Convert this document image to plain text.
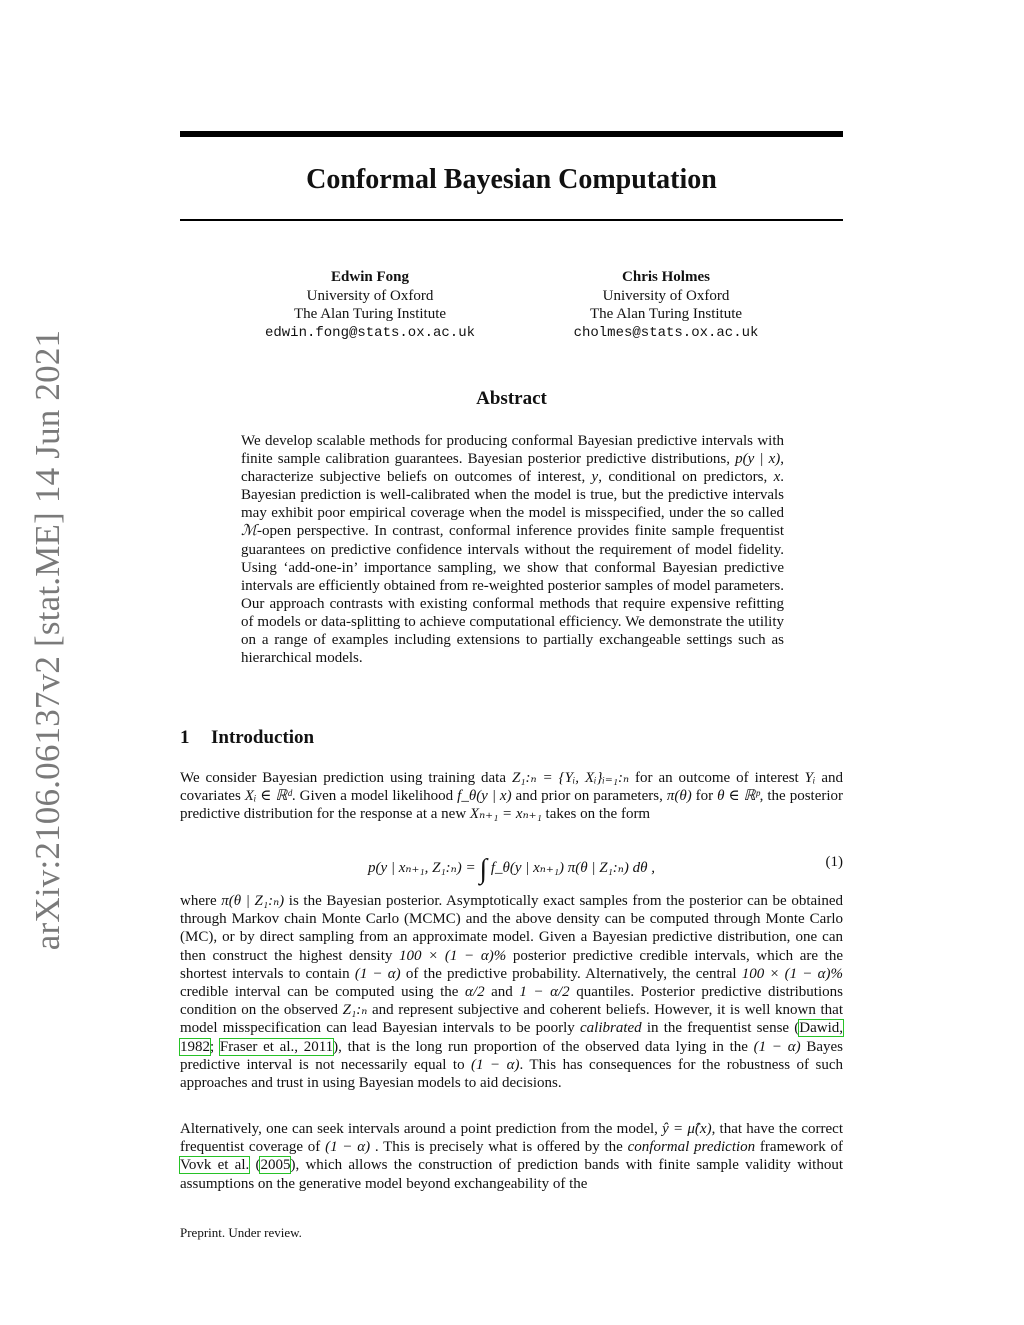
arXiv:2106.06137v2 [stat.ME] 14 Jun 2021
Conformal Bayesian Computation
Edwin Fong
University of Oxford
The Alan Turing Institute
edwin.fong@stats.ox.ac.uk
Chris Holmes
University of Oxford
The Alan Turing Institute
cholmes@stats.ox.ac.uk
Abstract
We develop scalable methods for producing conformal Bayesian predictive intervals with finite sample calibration guarantees. Bayesian posterior predictive distributions, p(y | x), characterize subjective beliefs on outcomes of interest, y, conditional on predictors, x. Bayesian prediction is well-calibrated when the model is true, but the predictive intervals may exhibit poor empirical coverage when the model is misspecified, under the so called ℳ-open perspective. In contrast, conformal inference provides finite sample frequentist guarantees on predictive confidence intervals without the requirement of model fidelity. Using ‘add-one-in’ importance sampling, we show that conformal Bayesian predictive intervals are efficiently obtained from re-weighted posterior samples of model parameters. Our approach contrasts with existing conformal methods that require expensive refitting of models or data-splitting to achieve computational efficiency. We demonstrate the utility on a range of examples including extensions to partially exchangeable settings such as hierarchical models.
1 Introduction
We consider Bayesian prediction using training data Z₁:ₙ = {Yᵢ, Xᵢ}ᵢ₌₁:ₙ for an outcome of interest Yᵢ and covariates Xᵢ ∈ ℝᵈ. Given a model likelihood f_θ(y | x) and prior on parameters, π(θ) for θ ∈ ℝᵖ, the posterior predictive distribution for the response at a new Xₙ₊₁ = xₙ₊₁ takes on the form
p(y | xₙ₊₁, Z₁:ₙ) = ∫ f_θ(y | xₙ₊₁) π(θ | Z₁:ₙ) dθ ,	(1)
where π(θ | Z₁:ₙ) is the Bayesian posterior. Asymptotically exact samples from the posterior can be obtained through Markov chain Monte Carlo (MCMC) and the above density can be computed through Monte Carlo (MC), or by direct sampling from an approximate model. Given a Bayesian predictive distribution, one can then construct the highest density 100 × (1 − α)% posterior predictive credible intervals, which are the shortest intervals to contain (1 − α) of the predictive probability. Alternatively, the central 100 × (1 − α)% credible interval can be computed using the α/2 and 1 − α/2 quantiles. Posterior predictive distributions condition on the observed Z₁:ₙ and represent subjective and coherent beliefs. However, it is well known that model misspecification can lead Bayesian intervals to be poorly calibrated in the frequentist sense (Dawid, 1982; Fraser et al., 2011), that is the long run proportion of the observed data lying in the (1 − α) Bayes predictive interval is not necessarily equal to (1 − α). This has consequences for the robustness of such approaches and trust in using Bayesian models to aid decisions.
Alternatively, one can seek intervals around a point prediction from the model, ŷ = μ̂(x), that have the correct frequentist coverage of (1 − α) . This is precisely what is offered by the conformal prediction framework of Vovk et al. (2005), which allows the construction of prediction bands with finite sample validity without assumptions on the generative model beyond exchangeability of the
Preprint. Under review.
